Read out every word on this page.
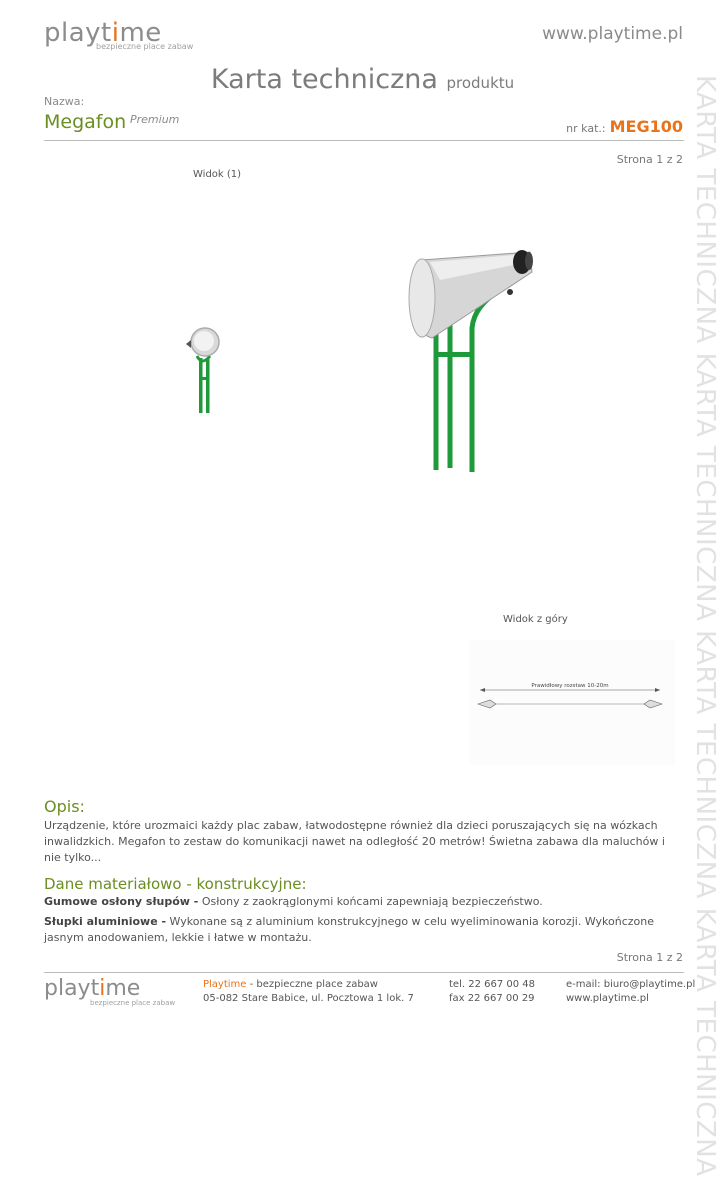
playtime
bezpieczne place zabaw
www.playtime.pl
Karta techniczna produktu
Nazwa:
Megafon Premium
nr kat.: MEG100
Strona 1 z 2
Widok (1)
Widok z góry
Prawidłowy rozstaw 10-20m	KARTA TECHNICZNA KARTA TECHNICZNA KARTA TECHNICZNA KARTA TECHNICZNA
Opis:
Urządzenie, które urozmaici każdy plac zabaw, łatwodostępne również dla dzieci poruszających się na wózkach inwalidzkich. Megafon to zestaw do komunikacji nawet na odległość 20 metrów! Świetna zabawa dla maluchów i nie tylko...
Dane materiałowo - konstrukcyjne:
Gumowe osłony słupów - Osłony z zaokrąglonymi końcami zapewniają bezpieczeństwo.
Słupki aluminiowe - Wykonane są z aluminium konstrukcyjnego w celu wyeliminowania korozji. Wykończone jasnym anodowaniem, lekkie i łatwe w montażu.
Strona 1 z 2
playtime
bezpieczne place zabaw
Playtime - bezpieczne place zabaw
05-082 Stare Babice, ul. Pocztowa 1 lok. 7
tel. 22 667 00 48
fax 22 667 00 29
e-mail: biuro@playtime.pl
www.playtime.pl
